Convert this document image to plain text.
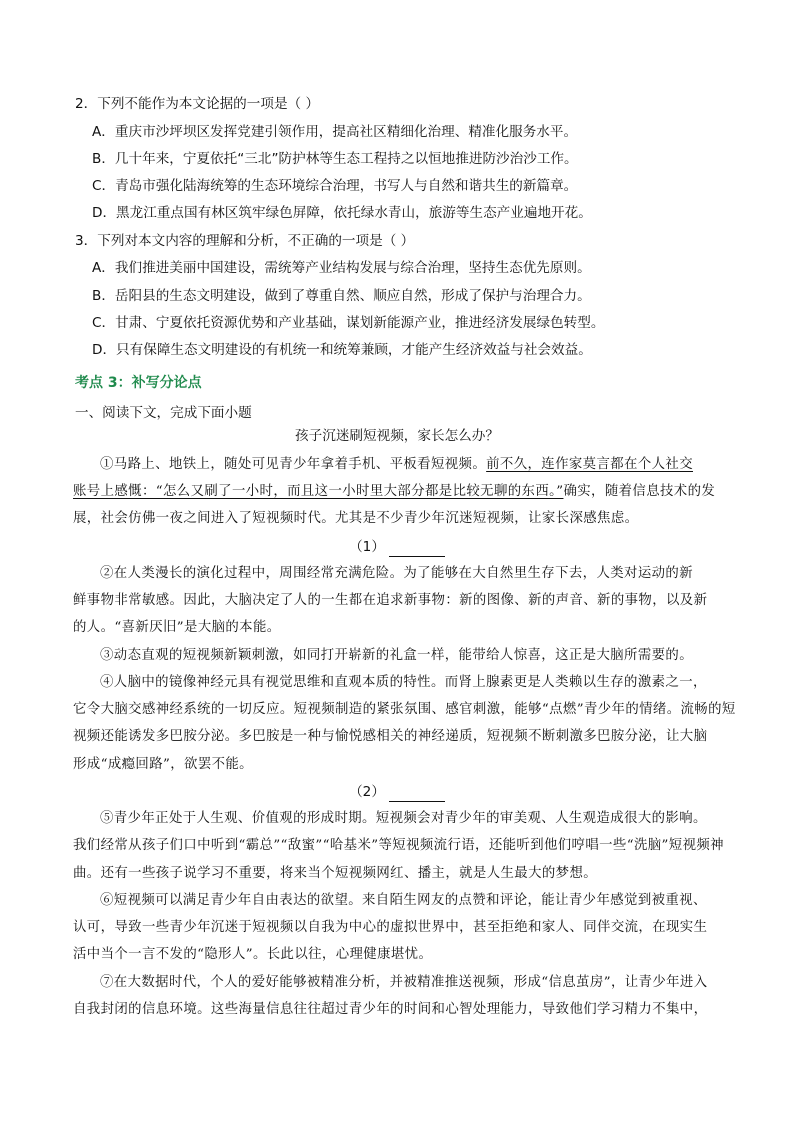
2．下列不能作为本文论据的一项是（ ）
A．重庆市沙坪坝区发挥党建引领作用，提高社区精细化治理、精准化服务水平。
B．几十年来，宁夏依托“三北”防护林等生态工程持之以恒地推进防沙治沙工作。
C．青岛市强化陆海统筹的生态环境综合治理，书写人与自然和谐共生的新篇章。
D．黑龙江重点国有林区筑牢绿色屏障，依托绿水青山，旅游等生态产业遍地开花。
3．下列对本文内容的理解和分析，不正确的一项是（ ）
A．我们推进美丽中国建设，需统筹产业结构发展与综合治理，坚持生态优先原则。
B．岳阳县的生态文明建设，做到了尊重自然、顺应自然，形成了保护与治理合力。
C．甘肃、宁夏依托资源优势和产业基础，谋划新能源产业，推进经济发展绿色转型。
D．只有保障生态文明建设的有机统一和统筹兼顾，才能产生经济效益与社会效益。
考点 3：补写分论点
一、阅读下文，完成下面小题
孩子沉迷刷短视频，家长怎么办？
①马路上、地铁上，随处可见青少年拿着手机、平板看短视频。前不久，连作家莫言都在个人社交
账号上感慨：“怎么又刷了一小时，而且这一小时里大部分都是比较无聊的东西。”确实，随着信息技术的发
展，社会仿佛一夜之间进入了短视频时代。尤其是不少青少年沉迷短视频，让家长深感焦虑。
（1）
②在人类漫长的演化过程中，周围经常充满危险。为了能够在大自然里生存下去，人类对运动的新
鲜事物非常敏感。因此，大脑决定了人的一生都在追求新事物：新的图像、新的声音、新的事物，以及新
的人。“喜新厌旧”是大脑的本能。
③动态直观的短视频新颖刺激，如同打开崭新的礼盒一样，能带给人惊喜，这正是大脑所需要的。
④人脑中的镜像神经元具有视觉思维和直观本质的特性。而肾上腺素更是人类赖以生存的激素之一，
它令大脑交感神经系统的一切反应。短视频制造的紧张氛围、感官刺激，能够“点燃”青少年的情绪。流畅的短
视频还能诱发多巴胺分泌。多巴胺是一种与愉悦感相关的神经递质，短视频不断刺激多巴胺分泌，让大脑
形成“成瘾回路”，欲罢不能。
（2）
⑤青少年正处于人生观、价值观的形成时期。短视频会对青少年的审美观、人生观造成很大的影响。
我们经常从孩子们口中听到“霸总”“敌蜜”“哈基米”等短视频流行语，还能听到他们哼唱一些“洗脑”短视频神
曲。还有一些孩子说学习不重要，将来当个短视频网红、播主，就是人生最大的梦想。
⑥短视频可以满足青少年自由表达的欲望。来自陌生网友的点赞和评论，能让青少年感觉到被重视、
认可，导致一些青少年沉迷于短视频以自我为中心的虚拟世界中，甚至拒绝和家人、同伴交流，在现实生
活中当个一言不发的“隐形人”。长此以往，心理健康堪忧。
⑦在大数据时代，个人的爱好能够被精准分析，并被精准推送视频，形成“信息茧房”，让青少年进入
自我封闭的信息环境。这些海量信息往往超过青少年的时间和心智处理能力，导致他们学习精力不集中，
